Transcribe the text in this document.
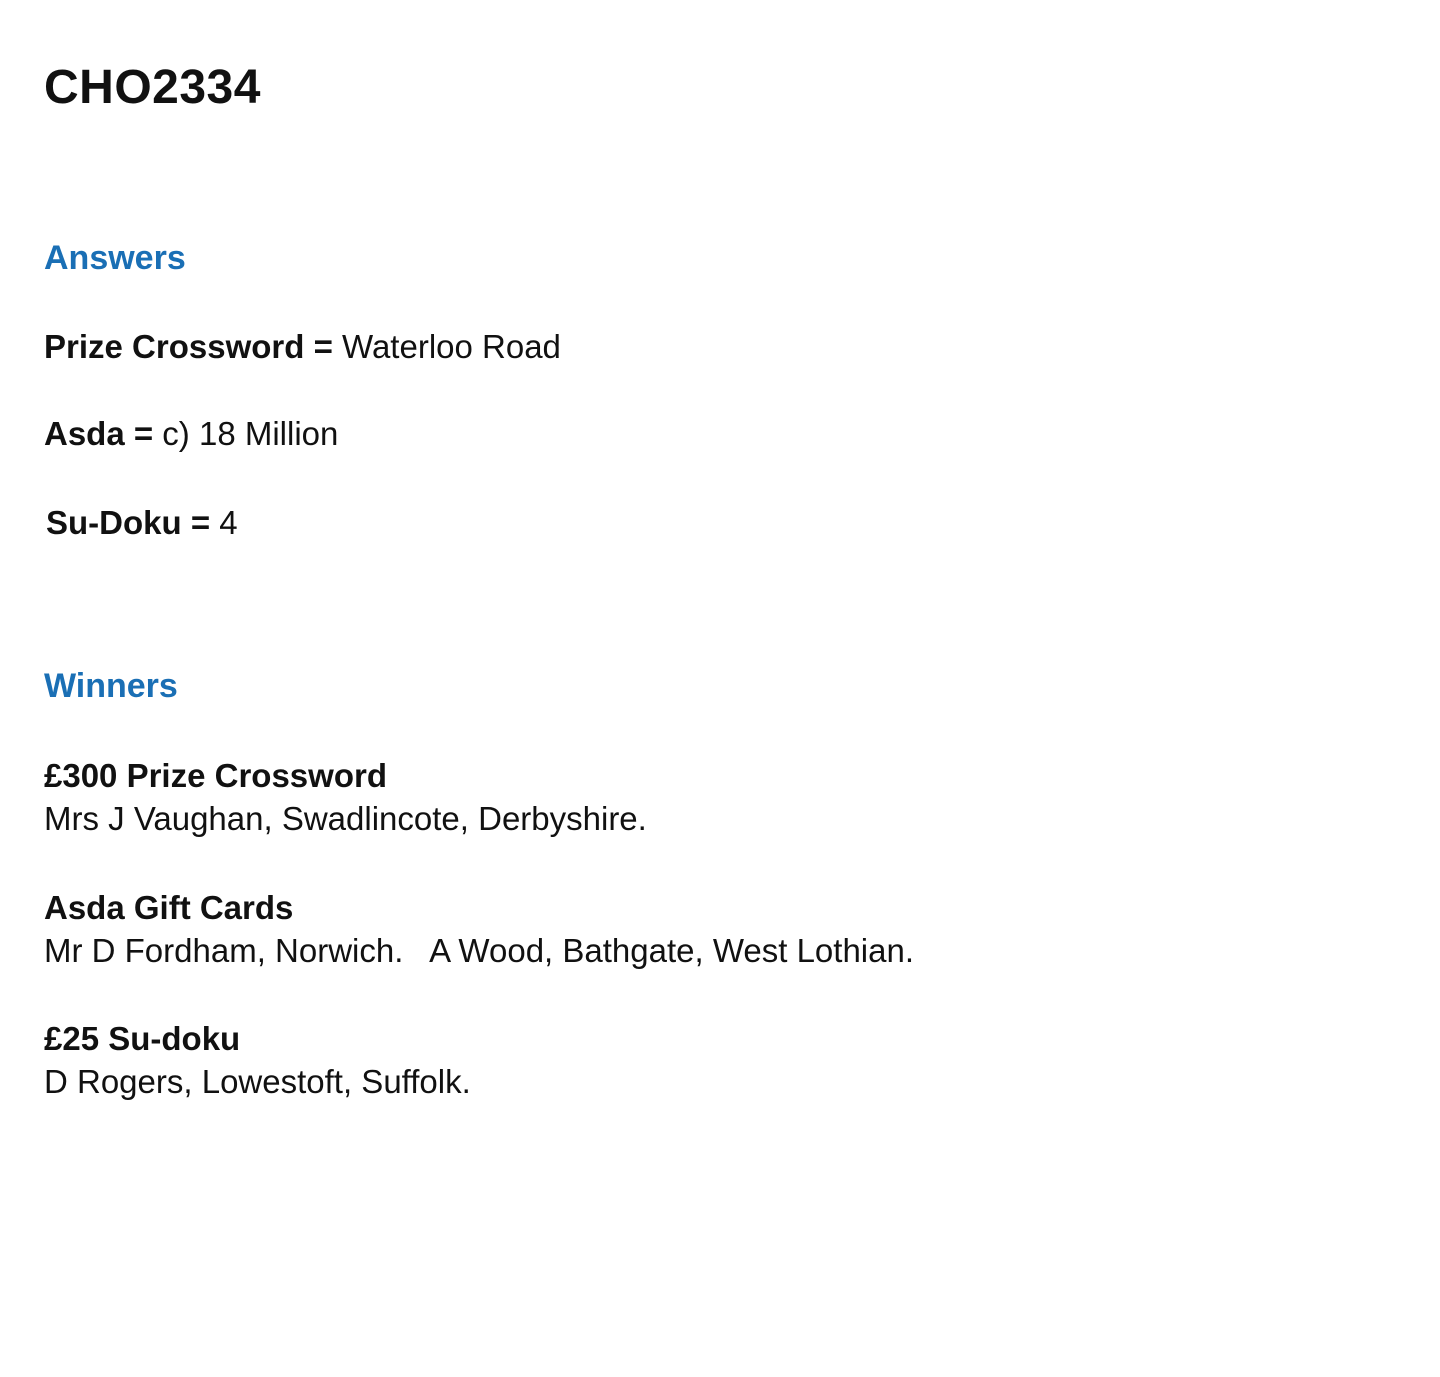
CHO2334
Answers
Prize Crossword = Waterloo Road
Asda = c) 18 Million
Su-Doku = 4
Winners
£300 Prize Crossword
Mrs J Vaughan, Swadlincote, Derbyshire.
Asda Gift Cards
Mr D Fordham, Norwich.   A Wood, Bathgate, West Lothian.
£25 Su-doku
D Rogers, Lowestoft, Suffolk.
